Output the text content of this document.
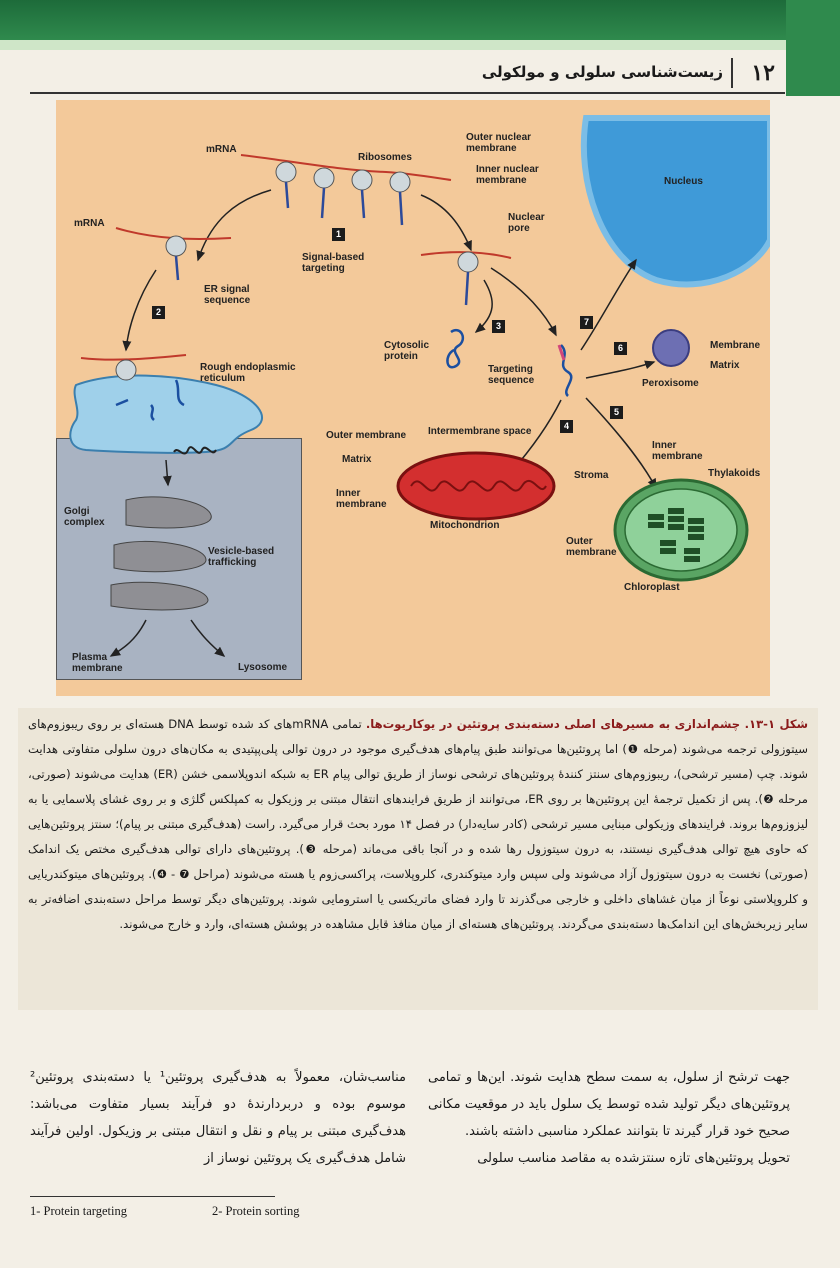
۱۲
زیست‌شناسی سلولی و مولکولی
mRNA
Ribosomes
Outer nuclear membrane
Inner nuclear membrane	Nucleus
Nuclear pore
mRNA
Signal-based targeting
ER signal sequence
Rough endoplasmic reticulum
Cytosolic protein
Targeting sequence
Membrane
Matrix
Peroxisome
Outer membrane Intermembrane space
Matrix
Inner membrane
Mitochondrion
Inner membrane
Thylakoids
Stroma
Outer membrane
Chloroplast
Golgi complex
Vesicle-based trafficking
Plasma membrane	Lysosome
1
2
3
4
5
6
7
شکل ۱-۱۳. چشم‌اندازی به مسیرهای اصلی دسته‌بندی پروتئین در یوکاریوت‌ها. تمامی mRNAهای کد شده توسط DNA هسته‌ای بر روی ریبوزوم‌های سیتوزولی ترجمه می‌شوند (مرحله ❶) اما پروتئین‌ها می‌توانند طبق پیام‌های هدف‌گیری موجود در درون توالی پلی‌پپتیدی به مکان‌های درون سلولی متفاوتی هدایت شوند. چپ (مسیر ترشحی)، ریبوزوم‌های سنتز کنندهٔ پروتئین‌های ترشحی نوساز از طریق توالی پیام ER به شبکه اندوپلاسمی خشن (ER) هدایت می‌شوند (صورتی، مرحله ❷). پس از تکمیل ترجمهٔ این پروتئین‌ها بر روی ER، می‌توانند از طریق فرایندهای انتقال مبتنی بر وزیکول به کمپلکس گلژی و بر روی غشای پلاسمایی یا به لیزوزوم‌ها بروند. فرایندهای وزیکولی مبنایی مسیر ترشحی (کادر سایه‌دار) در فصل ۱۴ مورد بحث قرار می‌گیرد. راست (هدف‌گیری مبتنی بر پیام)؛ سنتز پروتئین‌هایی که حاوی هیچ توالی هدف‌گیری نیستند، به درون سیتوزول رها شده و در آنجا باقی می‌ماند (مرحله ❸). پروتئین‌های دارای توالی هدف‌گیری مختص یک اندامک (صورتی) نخست به درون سیتوزول آزاد می‌شوند ولی سپس وارد میتوکندری، کلروپلاست، پراکسی‌زوم یا هسته می‌شوند (مراحل ❼ - ❹). پروتئین‌های میتوکندریایی و کلروپلاستی نوعاً از میان غشاهای داخلی و خارجی می‌گذرند تا وارد فضای ماتریکسی یا استرومایی شوند. پروتئین‌های دیگر توسط مراحل دسته‌بندی اضافه‌تر به سایر زیربخش‌های این اندامک‌ها دسته‌بندی می‌گردند. پروتئین‌های هسته‌ای از میان منافذ قابل مشاهده در پوشش هسته‌ای، وارد و خارج می‌شوند.
جهت ترشح از سلول، به سمت سطح هدایت شوند. این‌ها و تمامی پروتئین‌های دیگر تولید شده توسط یک سلول باید در موقعیت مکانی صحیح خود قرار گیرند تا بتوانند عملکرد مناسبی داشته باشند.
تحویل پروتئین‌های تازه سنتزشده به مقاصد مناسب سلولی
مناسب‌شان، معمولاً به هدف‌گیری پروتئین¹ یا دسته‌بندی پروتئین² موسوم بوده و دربردارندهٔ دو فرآیند بسیار متفاوت می‌باشد: هدف‌گیری مبتنی بر پیام و نقل و انتقال مبتنی بر وزیکول. اولین فرآیند شامل هدف‌گیری یک پروتئین نوساز از
1- Protein targeting	2- Protein sorting
